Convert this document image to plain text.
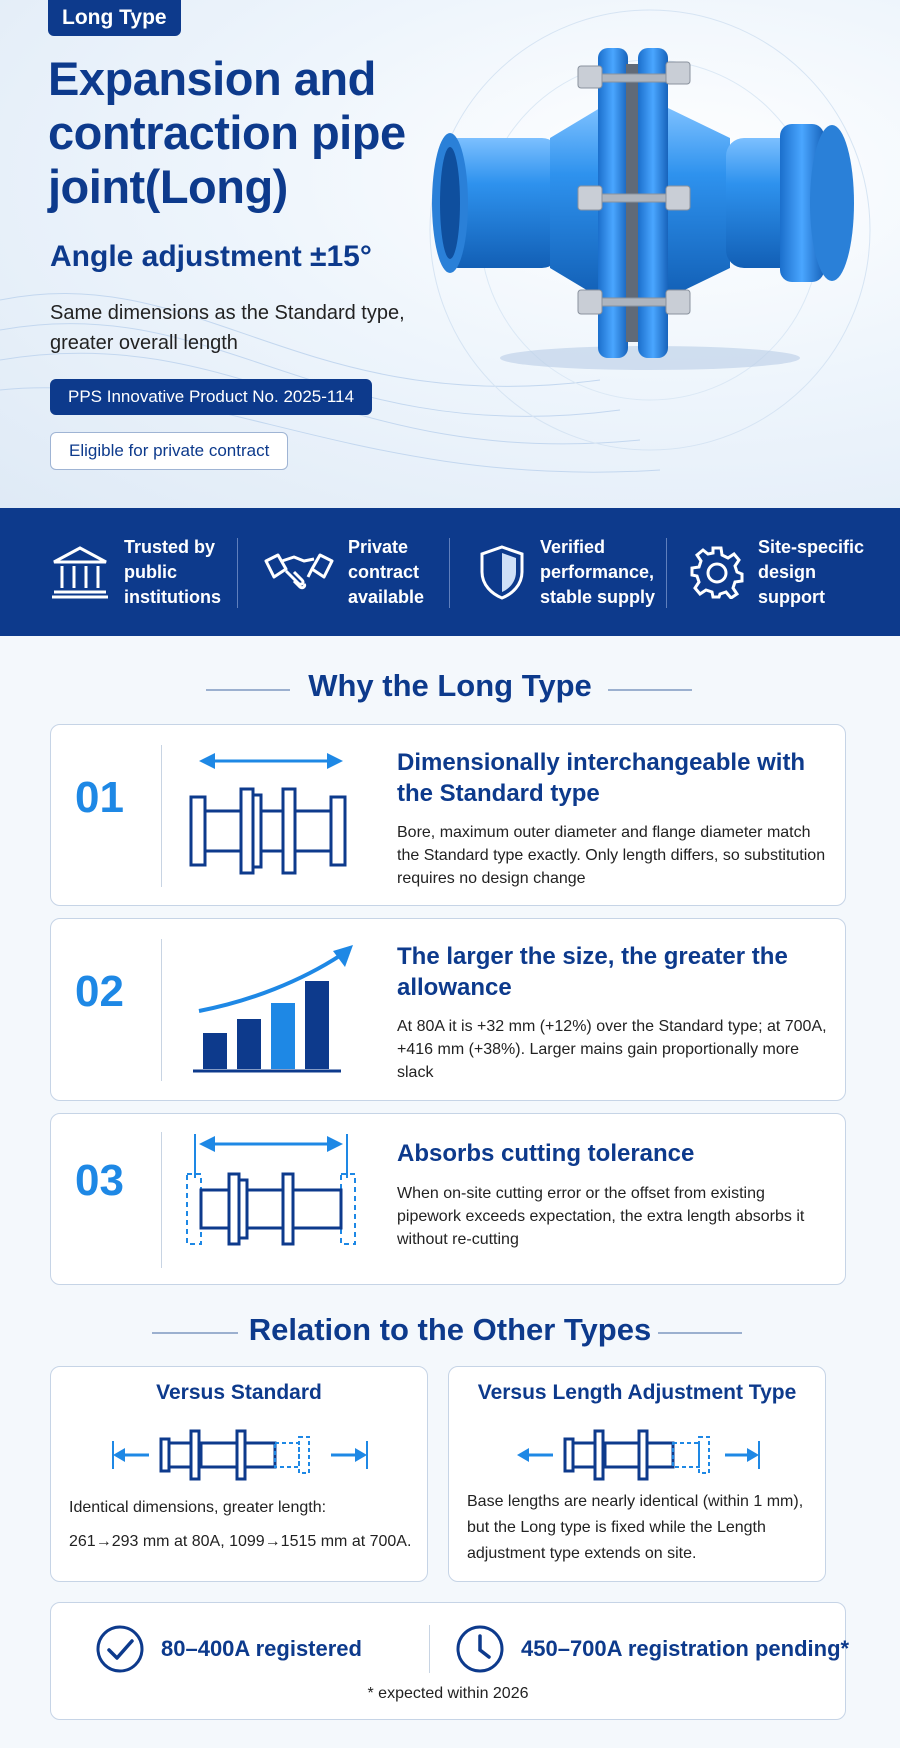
Long Type
Expansion and contraction pipe joint(Long)
Angle adjustment ±15°
Same dimensions as the Standard type, greater overall length
PPS Innovative Product No. 2025-114
Eligible for private contract
Trusted by public institutions
Private contract available
Verified performance, stable supply
Site-specific design support
Why the Long Type
01
Dimensionally interchangeable with the Standard type
Bore, maximum outer diameter and flange diameter match the Standard type exactly. Only length differs, so substitution requires no design change
02
The larger the size, the greater the allowance
At 80A it is +32 mm (+12%) over the Standard type; at 700A, +416 mm (+38%). Larger mains gain proportionally more slack
03
Absorbs cutting tolerance
When on-site cutting error or the offset from existing pipework exceeds expectation, the extra length absorbs it without re-cutting
Relation to the Other Types
Versus Standard
Identical dimensions, greater length:
261→293 mm at 80A, 1099→1515 mm at 700A.
Versus Length Adjustment Type
Base lengths are nearly identical (within 1 mm),
but the Long type is fixed while the Length
adjustment type extends on site.
80–400A registered	450–700A registration pending*
* expected within 2026
